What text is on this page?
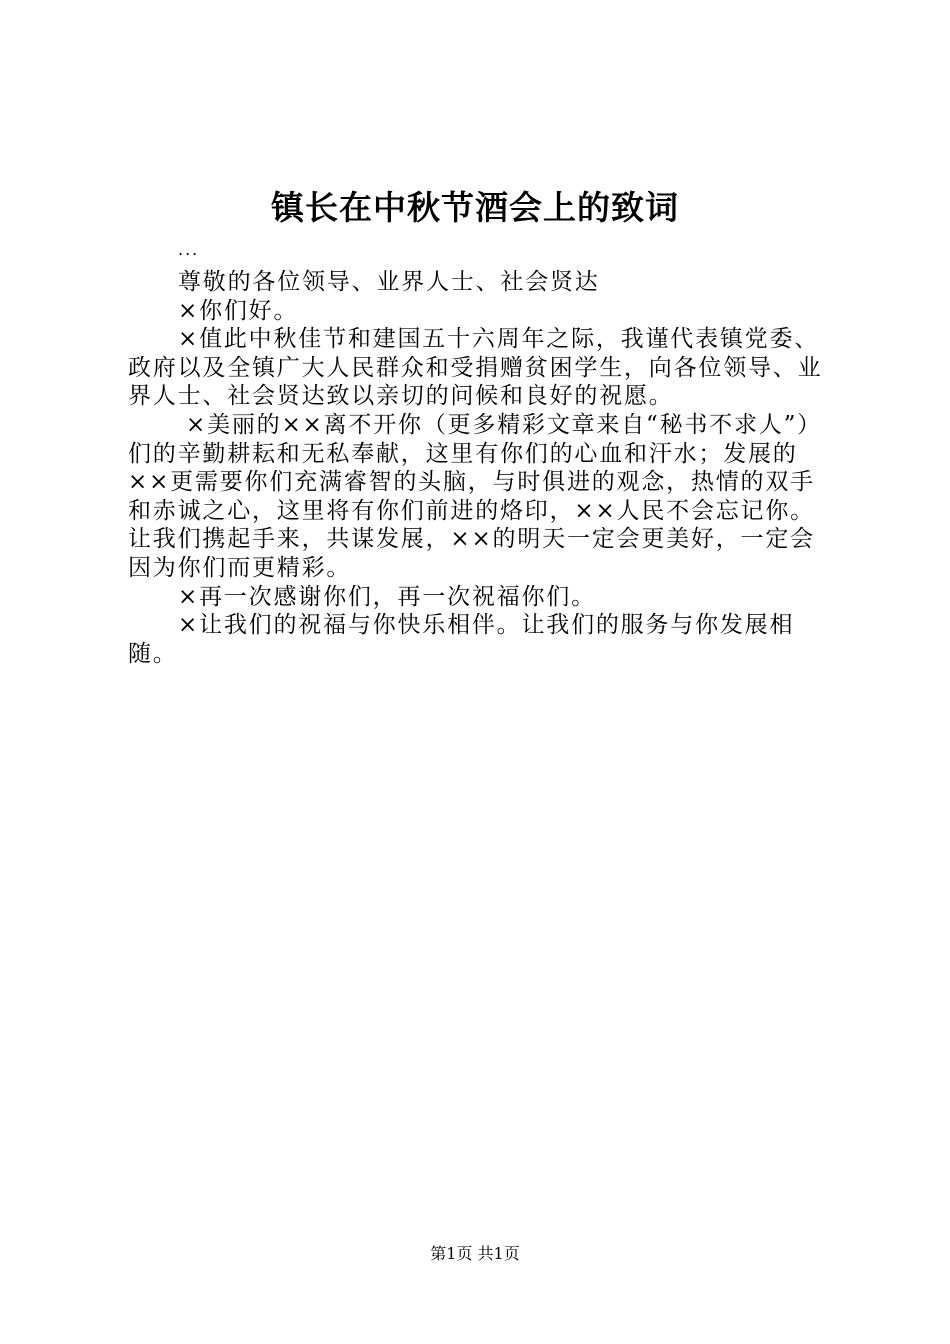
镇长在中秋节酒会上的致词
...

尊敬的各位领导、业界人士、社会贤达

×你们好。

×值此中秋佳节和建国五十六周年之际，我谨代表镇党委、政府以及全镇广大人民群众和受捐赠贫困学生，向各位领导、业界人士、社会贤达致以亲切的问候和良好的祝愿。

×美丽的××离不开你（更多精彩文章来自“秘书不求人”）们的辛勤耕耘和无私奉献，这里有你们的心血和汗水；发展的××更需要你们充满睿智的头脑，与时俱进的观念，热情的双手和赤诚之心，这里将有你们前进的烙印，××人民不会忘记你。让我们携起手来，共谋发展，××的明天一定会更美好，一定会因为你们而更精彩。

×再一次感谢你们，再一次祝福你们。

×让我们的祝福与你快乐相伴。让我们的服务与你发展相随。

第1页 共1页
